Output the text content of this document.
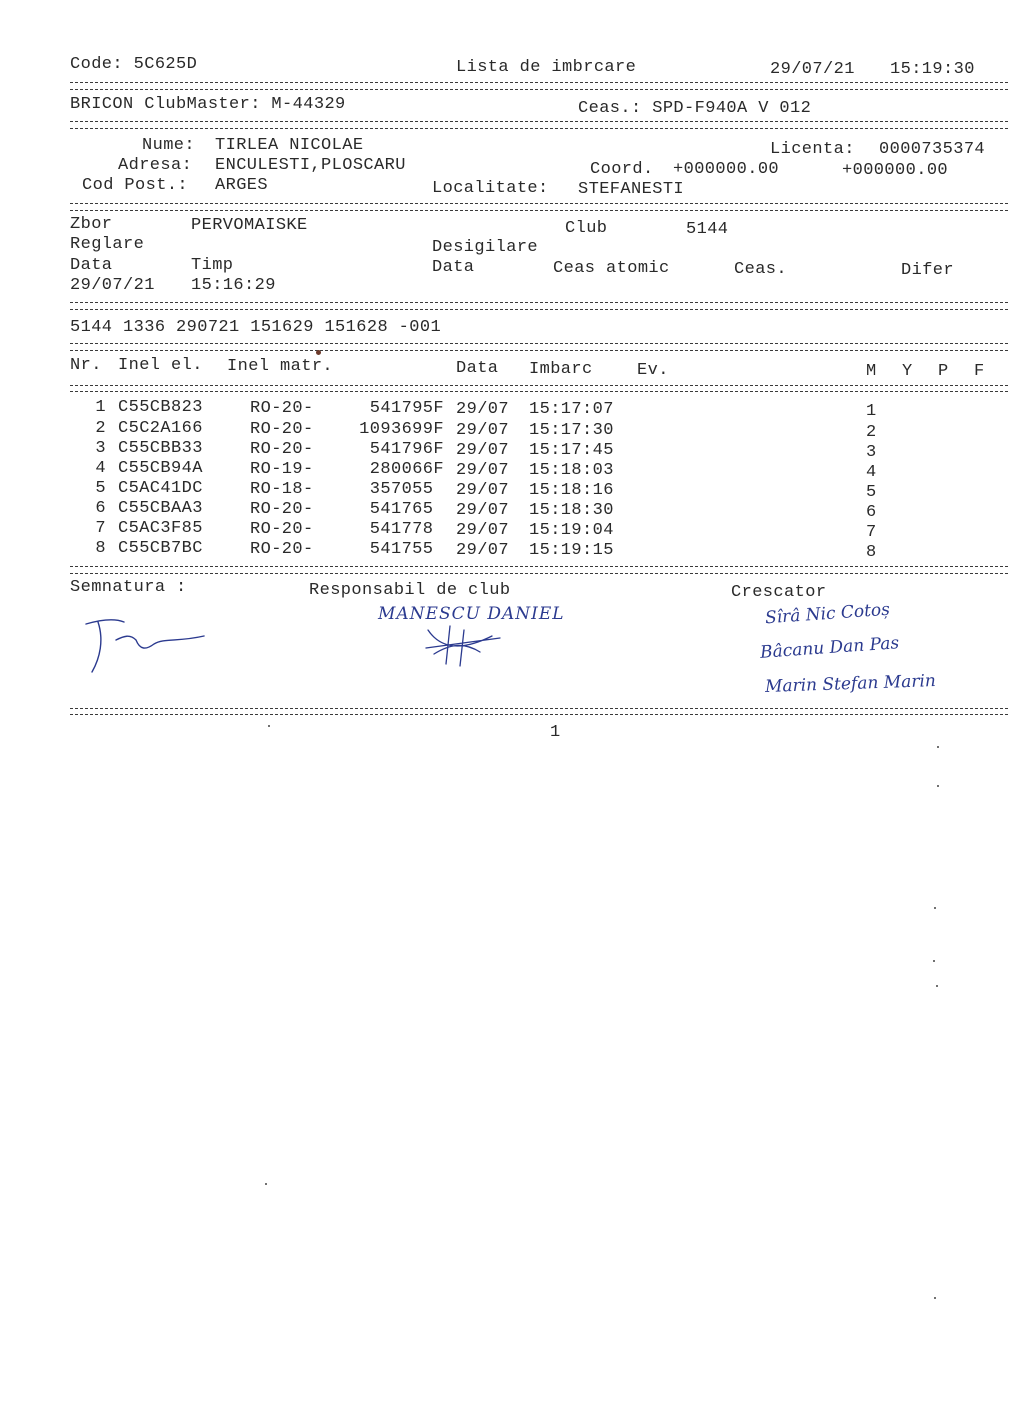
Code: 5C625D	Lista de imbrcare	29/07/21 15:19:30
BRICON ClubMaster: M-44329	Ceas.: SPD-F940A V 012
Nume: TIRLEA NICOLAE	Licenta: 0000735374
Adresa: ENCULESTI,PLOSCARU	Coord. +000000.00	+000000.00
Cod Post.: ARGES	Localitate: STEFANESTI
Zbor	PERVOMAISKE	Club	5144
Reglare	Desigilare
Data	Timp	Data	Ceas atomic	Ceas.	Difer
29/07/21 15:16:29
5144 1336 290721 151629 151628 -001
Nr. Inel el. Inel matr.	Data Imbarc	Ev.	M Y P F
1 C55CB823	RO-20-	541795F 29/07 15:17:07	1
2 C5C2A166	RO-20-	1093699F 29/07 15:17:30	2
3 C55CBB33	RO-20-	541796F 29/07 15:17:45	3
4 C55CB94A	RO-19-	280066F 29/07 15:18:03	4
5 C5AC41DC	RO-18-	357055	29/07 15:18:16	5
6 C55CBAA3	RO-20-	541765	29/07 15:18:30	6
7 C5AC3F85	RO-20-	541778	29/07 15:19:04	7
8 C55CB7BC	RO-20-	541755	29/07 15:19:15	8
Semnatura :	Responsabil de club	Crescator
MANESCU DANIEL	Sîrâ Nic Cotoș
Bâcanu Dan Pas
Marin Stefan Marin
1
